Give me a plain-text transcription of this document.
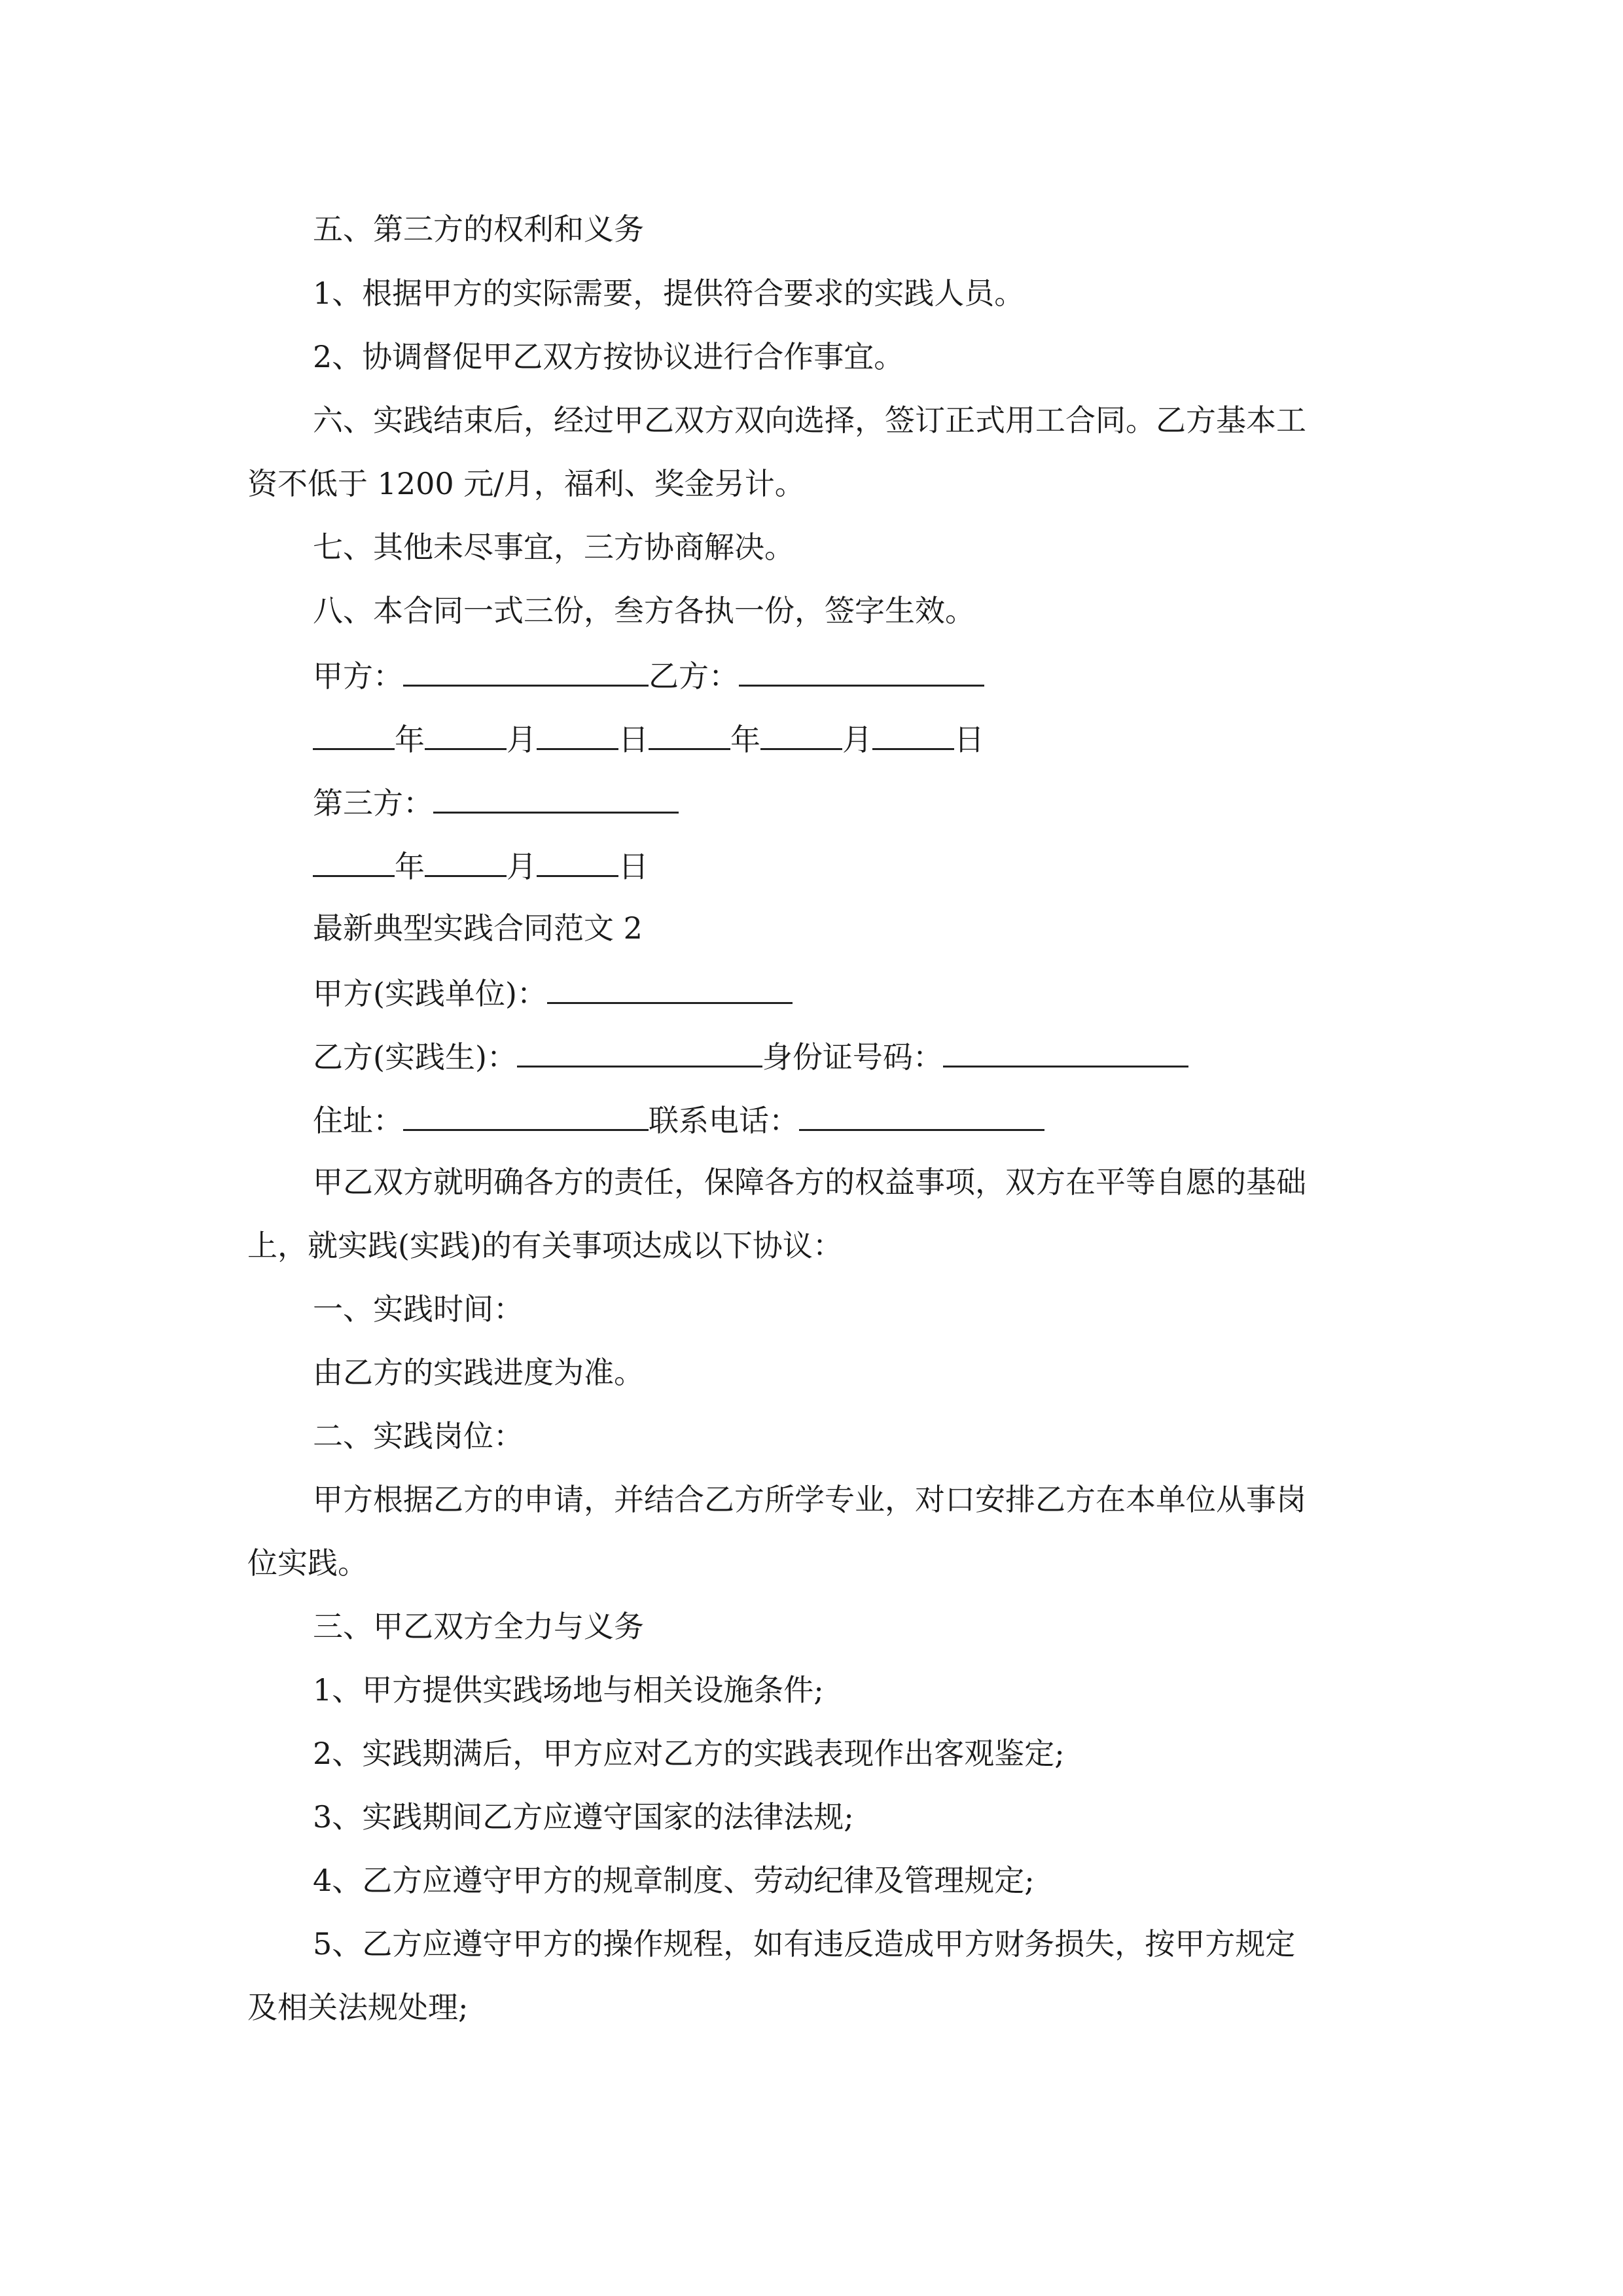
五、第三方的权利和义务
1、根据甲方的实际需要，提供符合要求的实践人员。
2、协调督促甲乙双方按协议进行合作事宜。
六、实践结束后，经过甲乙双方双向选择，签订正式用工合同。乙方基本工
资不低于 1200 元/月，福利、奖金另计。
七、其他未尽事宜，三方协商解决。
八、本合同一式三份，叁方各执一份，签字生效。
甲方：	乙方：
年	月	日	年	月	日
第三方：
年	月	日
最新典型实践合同范文 2
甲方(实践单位)：
乙方(实践生)：	身份证号码：
住址：	联系电话：
甲乙双方就明确各方的责任，保障各方的权益事项，双方在平等自愿的基础
上，就实践(实践)的有关事项达成以下协议：
一、实践时间：
由乙方的实践进度为准。
二、实践岗位：
甲方根据乙方的申请，并结合乙方所学专业，对口安排乙方在本单位从事岗
位实践。
三、甲乙双方全力与义务
1、甲方提供实践场地与相关设施条件;
2、实践期满后，甲方应对乙方的实践表现作出客观鉴定;
3、实践期间乙方应遵守国家的法律法规;
4、乙方应遵守甲方的规章制度、劳动纪律及管理规定;
5、乙方应遵守甲方的操作规程，如有违反造成甲方财务损失，按甲方规定
及相关法规处理;
